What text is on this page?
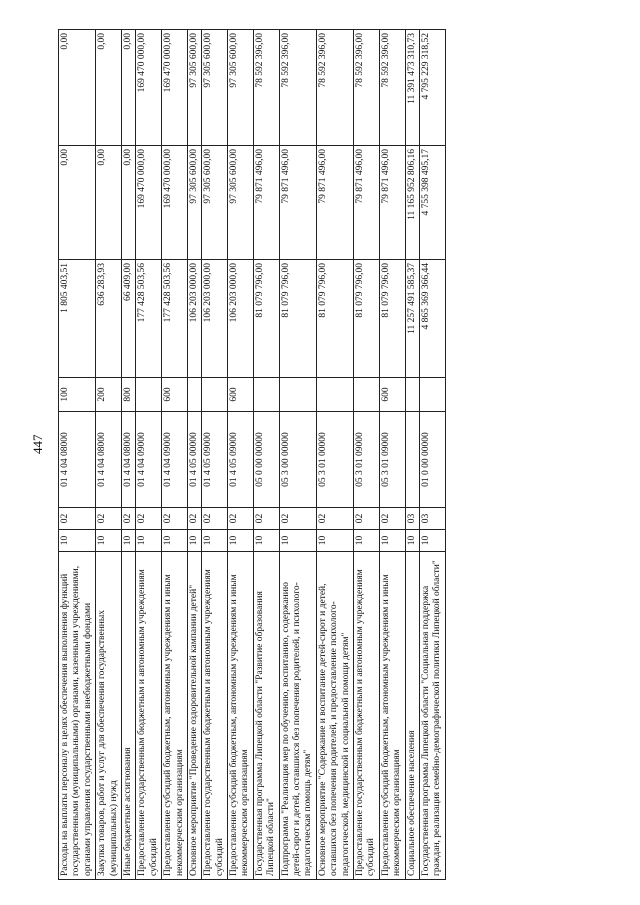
447
Расходы на выплаты персоналу в целях обеспечения выполнения функций государственными (муниципальными) органами, казенными учреждениями, органами управления государственными внебюджетными фондами	10	02	01 4 04 08000	100	1 805 403,51	0,00	0,00
Закупка товаров, работ и услуг для обеспечения государственных (муниципальных) нужд	10	02	01 4 04 08000	200	636 283,93	0,00	0,00
Иные бюджетные ассигнования	10	02	01 4 04 08000	800	66 409,00	0,00	0,00
Предоставление государственным бюджетным и автономным учреждениям субсидий	10	02	01 4 04 09000		177 428 503,56	169 470 000,00	169 470 000,00
Предоставление субсидий бюджетным, автономным учреждениям и иным некоммерческим организациям	10	02	01 4 04 09000	600	177 428 503,56	169 470 000,00	169 470 000,00
Основное мероприятие "Проведение оздоровительной кампании детей"	10	02	01 4 05 00000		106 203 000,00	97 305 600,00	97 305 600,00
Предоставление государственным бюджетным и автономным учреждениям субсидий	10	02	01 4 05 09000		106 203 000,00	97 305 600,00	97 305 600,00
Предоставление субсидий бюджетным, автономным учреждениям и иным некоммерческим организациям	10	02	01 4 05 09000	600	106 203 000,00	97 305 600,00	97 305 600,00
Государственная программа Липецкой области "Развитие образования Липецкой области"	10	02	05 0 00 00000		81 079 796,00	79 871 496,00	78 592 396,00
Подпрограмма "Реализация мер по обучению, воспитанию, содержанию детей-сирот и детей, оставшихся без попечения родителей, и психолого-педагогическая помощь детям"	10	02	05 3 00 00000		81 079 796,00	79 871 496,00	78 592 396,00
Основное мероприятие "Содержание и воспитание детей-сирот и детей, оставшихся без попечения родителей, и предоставление психолого-педагогической, медицинской и социальной помощи детям"	10	02	05 3 01 00000		81 079 796,00	79 871 496,00	78 592 396,00
Предоставление государственным бюджетным и автономным учреждениям субсидий	10	02	05 3 01 09000		81 079 796,00	79 871 496,00	78 592 396,00
Предоставление субсидий бюджетным, автономным учреждениям и иным некоммерческим организациям	10	02	05 3 01 09000	600	81 079 796,00	79 871 496,00	78 592 396,00
Социальное обеспечение населения	10	03			11 257 491 585,37	11 165 952 806,16	11 391 473 310,73
Государственная программа Липецкой области "Социальная поддержка граждан, реализация семейно-демографической политики Липецкой области"	10	03	01 0 00 00000		4 865 369 366,44	4 755 398 495,17	4 795 229 318,52
